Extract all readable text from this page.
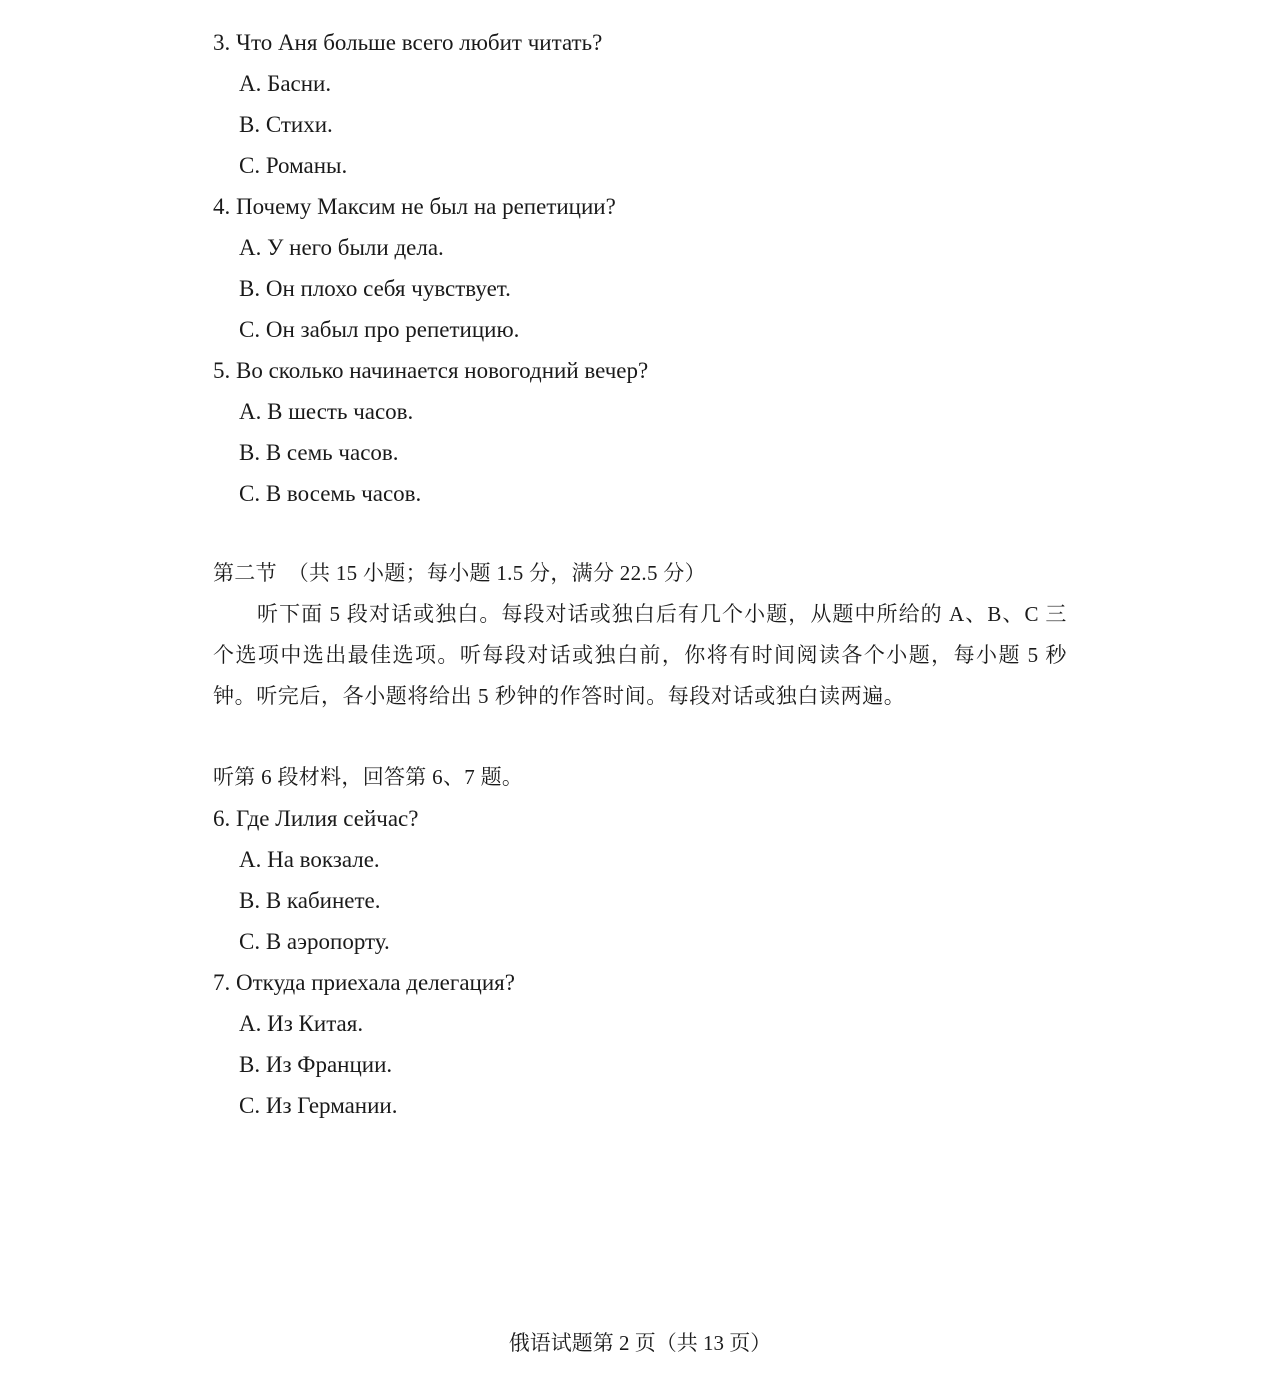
3. Что Аня больше всего любит читать?
A. Басни.
B. Стихи.
C. Романы.
4. Почему Максим не был на репетиции?
A. У него были дела.
B. Он плохо себя чувствует.
C. Он забыл про репетицию.
5. Во сколько начинается новогодний вечер?
A. В шесть часов.
B. В семь часов.
C. В восемь часов.
第二节　（共 15 小题；每小题 1.5 分，满分 22.5 分）
听下面 5 段对话或独白。每段对话或独白后有几个小题，从题中所给的 A、B、C 三个选项中选出最佳选项。听每段对话或独白前，你将有时间阅读各个小题，每小题 5 秒钟。听完后，各小题将给出 5 秒钟的作答时间。每段对话或独白读两遍。
听第 6 段材料，回答第 6、7 题。
6. Где Лилия сейчас?
A. На вокзале.
B. В кабинете.
C. В аэропорту.
7. Откуда приехала делегация?
A. Из Китая.
B. Из Франции.
C. Из Германии.
俄语试题第 2 页（共 13 页）
